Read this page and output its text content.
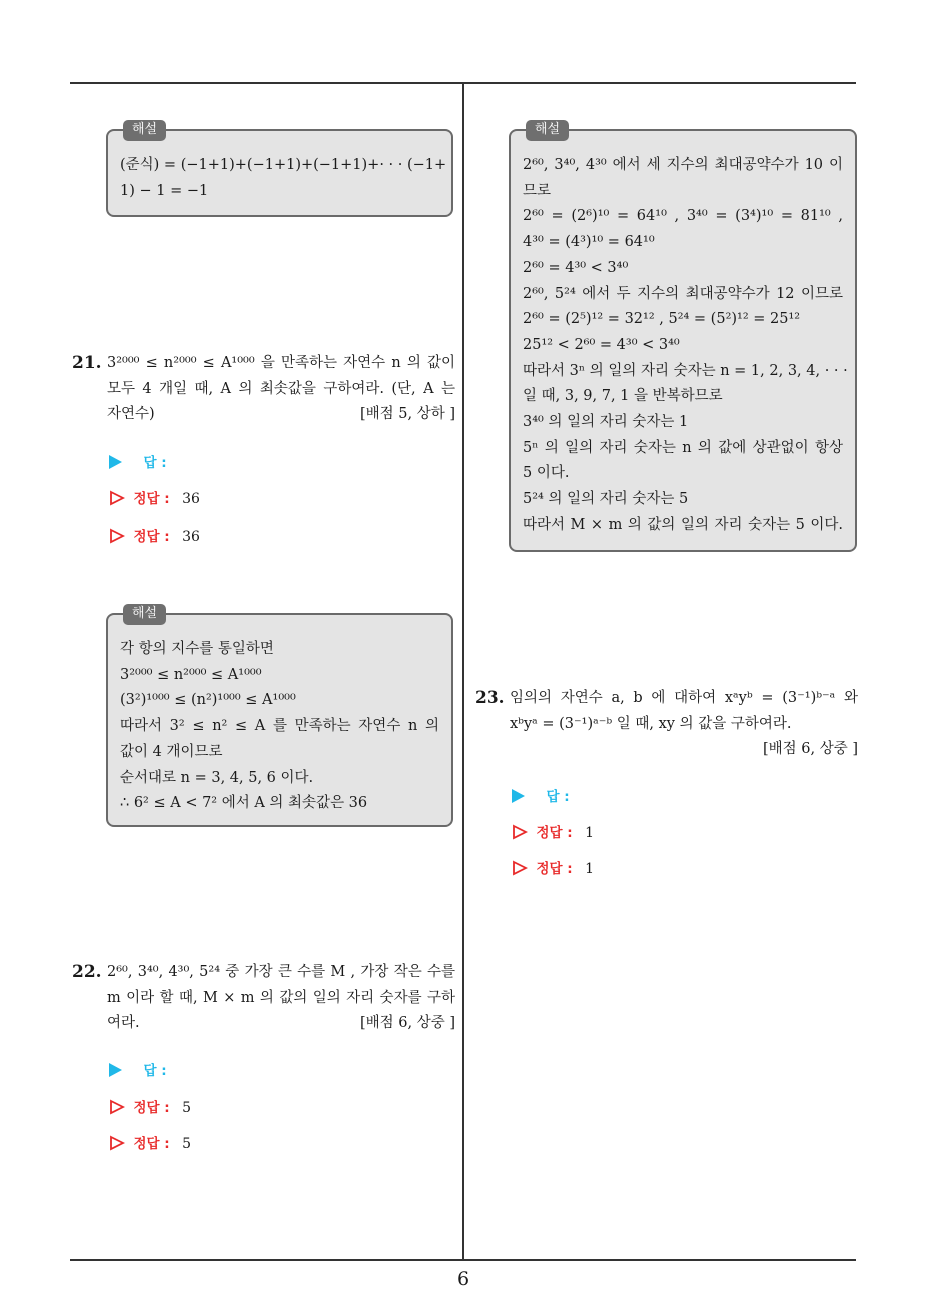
해설
(준식) = (−1+1)+(−1+1)+(−1+1)+· · · (−1+
1) − 1 = −1
21. 3²⁰⁰⁰ ≤ n²⁰⁰⁰ ≤ A¹⁰⁰⁰ 을 만족하는 자연수 n 의 값이
모두 4 개일 때, A 의 최솟값을 구하여라. (단, A 는
자연수)	[배점 5, 상하 ]
답 :
정답 : 36
정답 : 36
해설
각 항의 지수를 통일하면
3²⁰⁰⁰ ≤ n²⁰⁰⁰ ≤ A¹⁰⁰⁰
(3²)¹⁰⁰⁰ ≤ (n²)¹⁰⁰⁰ ≤ A¹⁰⁰⁰
따라서 3² ≤ n² ≤ A 를 만족하는 자연수 n 의
값이 4 개이므로
순서대로 n = 3, 4, 5, 6 이다.
∴ 6² ≤ A < 7² 에서 A 의 최솟값은 36
22. 2⁶⁰, 3⁴⁰, 4³⁰, 5²⁴ 중 가장 큰 수를 M , 가장 작은 수를
m 이라 할 때, M × m 의 값의 일의 자리 숫자를 구하
여라.	[배점 6, 상중 ]
답 :
정답 : 5
정답 : 5
해설
2⁶⁰, 3⁴⁰, 4³⁰ 에서 세 지수의 최대공약수가 10 이
므로
2⁶⁰ = (2⁶)¹⁰ = 64¹⁰ , 3⁴⁰ = (3⁴)¹⁰ = 81¹⁰ ,
4³⁰ = (4³)¹⁰ = 64¹⁰
2⁶⁰ = 4³⁰ < 3⁴⁰
2⁶⁰, 5²⁴ 에서 두 지수의 최대공약수가 12 이므로
2⁶⁰ = (2⁵)¹² = 32¹² , 5²⁴ = (5²)¹² = 25¹²
25¹² < 2⁶⁰ = 4³⁰ < 3⁴⁰
따라서 3ⁿ 의 일의 자리 숫자는 n = 1, 2, 3, 4, · · ·
일 때, 3, 9, 7, 1 을 반복하므로
3⁴⁰ 의 일의 자리 숫자는 1
5ⁿ 의 일의 자리 숫자는 n 의 값에 상관없이 항상
5 이다.
5²⁴ 의 일의 자리 숫자는 5
따라서 M × m 의 값의 일의 자리 숫자는 5 이다.
23. 임의의 자연수 a, b 에 대하여 xᵃyᵇ = (3⁻¹)ᵇ⁻ᵃ 와
xᵇyᵃ = (3⁻¹)ᵃ⁻ᵇ 일 때, xy 의 값을 구하여라.
[배점 6, 상중 ]
답 :
정답 : 1
정답 : 1
6
